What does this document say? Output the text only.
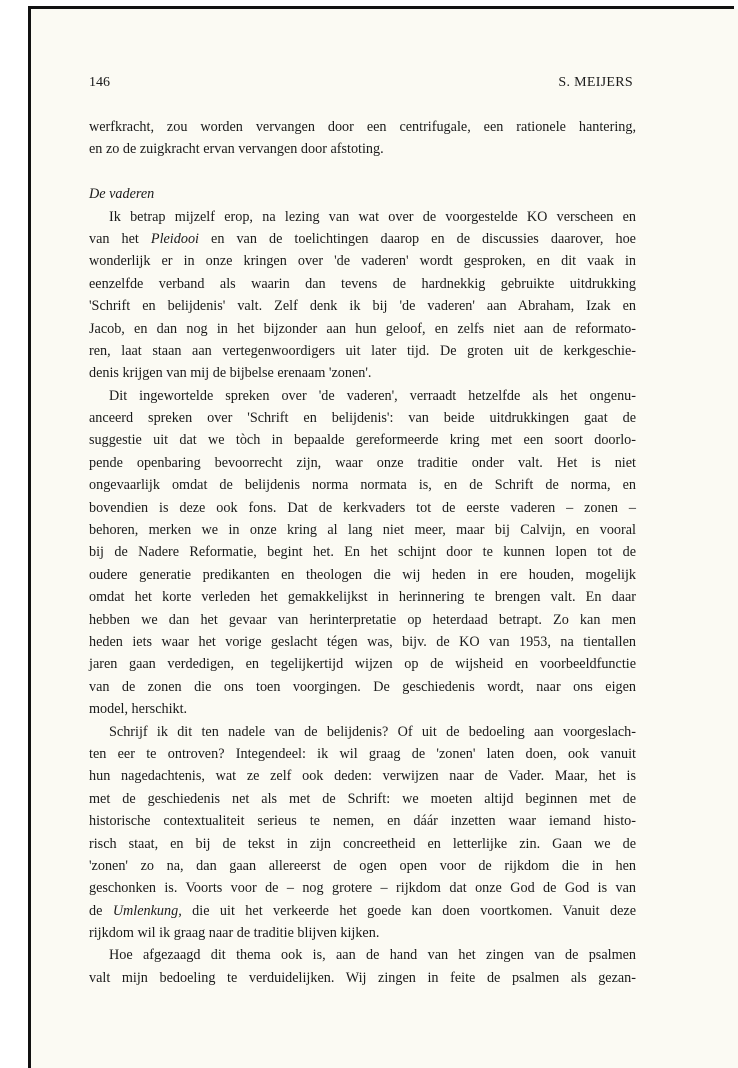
146	S. MEIJERS
werfkracht, zou worden vervangen door een centrifugale, een rationele hantering,
en zo de zuigkracht ervan vervangen door afstoting.
De vaderen
Ik betrap mijzelf erop, na lezing van wat over de voorgestelde KO verscheen en
van het Pleidooi en van de toelichtingen daarop en de discussies daarover, hoe
wonderlijk er in onze kringen over 'de vaderen' wordt gesproken, en dit vaak in
eenzelfde verband als waarin dan tevens de hardnekkig gebruikte uitdrukking
'Schrift en belijdenis' valt. Zelf denk ik bij 'de vaderen' aan Abraham, Izak en
Jacob, en dan nog in het bijzonder aan hun geloof, en zelfs niet aan de reformato-
ren, laat staan aan vertegenwoordigers uit later tijd. De groten uit de kerkgeschie-
denis krijgen van mij de bijbelse erenaam 'zonen'.
Dit ingewortelde spreken over 'de vaderen', verraadt hetzelfde als het ongenu-
anceerd spreken over 'Schrift en belijdenis': van beide uitdrukkingen gaat de
suggestie uit dat we tòch in bepaalde gereformeerde kring met een soort doorlo-
pende openbaring bevoorrecht zijn, waar onze traditie onder valt. Het is niet
ongevaarlijk omdat de belijdenis norma normata is, en de Schrift de norma, en
bovendien is deze ook fons. Dat de kerkvaders tot de eerste vaderen – zonen –
behoren, merken we in onze kring al lang niet meer, maar bij Calvijn, en vooral
bij de Nadere Reformatie, begint het. En het schijnt door te kunnen lopen tot de
oudere generatie predikanten en theologen die wij heden in ere houden, mogelijk
omdat het korte verleden het gemakkelijkst in herinnering te brengen valt. En daar
hebben we dan het gevaar van herinterpretatie op heterdaad betrapt. Zo kan men
heden iets waar het vorige geslacht tégen was, bijv. de KO van 1953, na tientallen
jaren gaan verdedigen, en tegelijkertijd wijzen op de wijsheid en voorbeeldfunctie
van de zonen die ons toen voorgingen. De geschiedenis wordt, naar ons eigen
model, herschikt.
Schrijf ik dit ten nadele van de belijdenis? Of uit de bedoeling aan voorgeslach-
ten eer te ontroven? Integendeel: ik wil graag de 'zonen' laten doen, ook vanuit
hun nagedachtenis, wat ze zelf ook deden: verwijzen naar de Vader. Maar, het is
met de geschiedenis net als met de Schrift: we moeten altijd beginnen met de
historische contextualiteit serieus te nemen, en dáár inzetten waar iemand histo-
risch staat, en bij de tekst in zijn concreetheid en letterlijke zin. Gaan we de
'zonen' zo na, dan gaan allereerst de ogen open voor de rijkdom die in hen
geschonken is. Voorts voor de – nog grotere – rijkdom dat onze God de God is van
de Umlenkung, die uit het verkeerde het goede kan doen voortkomen. Vanuit deze
rijkdom wil ik graag naar de traditie blijven kijken.
Hoe afgezaagd dit thema ook is, aan de hand van het zingen van de psalmen
valt mijn bedoeling te verduidelijken. Wij zingen in feite de psalmen als gezan-
